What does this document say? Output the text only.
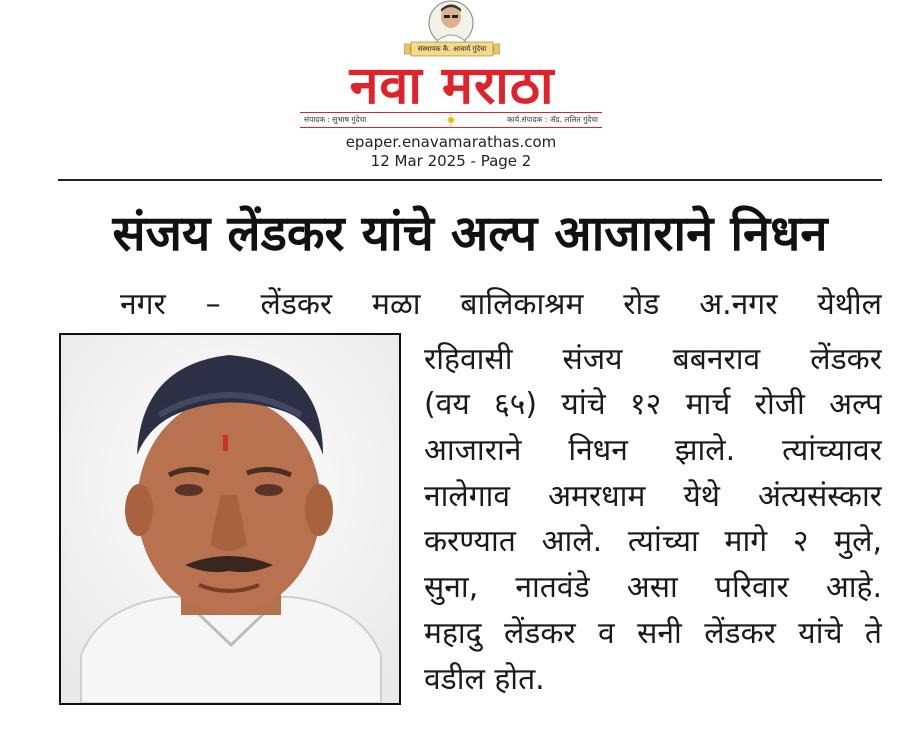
संस्थापक कै. आचार्य गुंदेचा
नवा मराठा
संपादक : सुभाष गुंदेचा	कार्य.संपादक : ॲड. ललित गुंदेचा
epaper.enavamarathas.com
12 Mar 2025 - Page 2
संजय लेंडकर यांचे अल्प आजाराने निधन
नगर – लेंडकर मळा बालिकाश्रम रोड अ.नगर येथील
रहिवासी संजय बबनराव लेंडकर
(वय ६५) यांचे १२ मार्च रोजी अल्प
आजाराने निधन झाले. त्यांच्यावर
नालेगाव अमरधाम येथे अंत्यसंस्कार
करण्यात आले. त्यांच्या मागे २ मुले,
सुना, नातवंडे असा परिवार आहे.
महादु लेंडकर व सनी लेंडकर यांचे ते
वडील होत.
